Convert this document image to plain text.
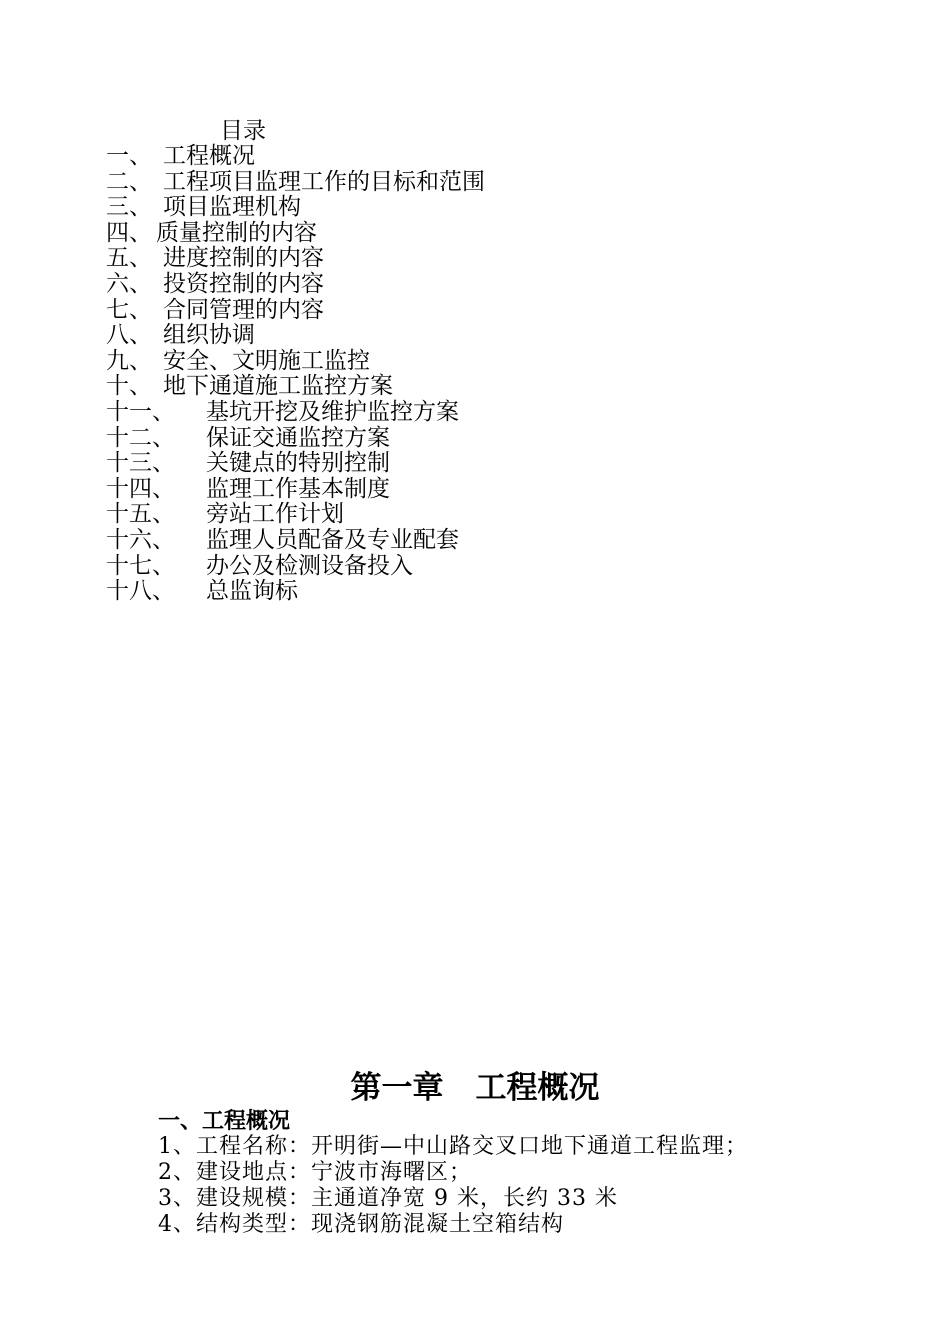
目录
一、 工程概况
二、 工程项目监理工作的目标和范围
三、 项目监理机构
四、 质量控制的内容
五、 进度控制的内容
六、 投资控制的内容
七、 合同管理的内容
八、 组织协调
九、 安全、文明施工监控
十、 地下通道施工监控方案
十一、 基坑开挖及维护监控方案
十二、 保证交通监控方案
十三、 关键点的特别控制
十四、 监理工作基本制度
十五、 旁站工作计划
十六、 监理人员配备及专业配套
十七、 办公及检测设备投入
十八、 总监询标
第一章 工程概况
一、工程概况
1、工程名称：开明街—中山路交叉口地下通道工程监理；
2、建设地点：宁波市海曙区；
3、建设规模：主通道净宽 9 米，长约 33 米
4、结构类型：现浇钢筋混凝土空箱结构
